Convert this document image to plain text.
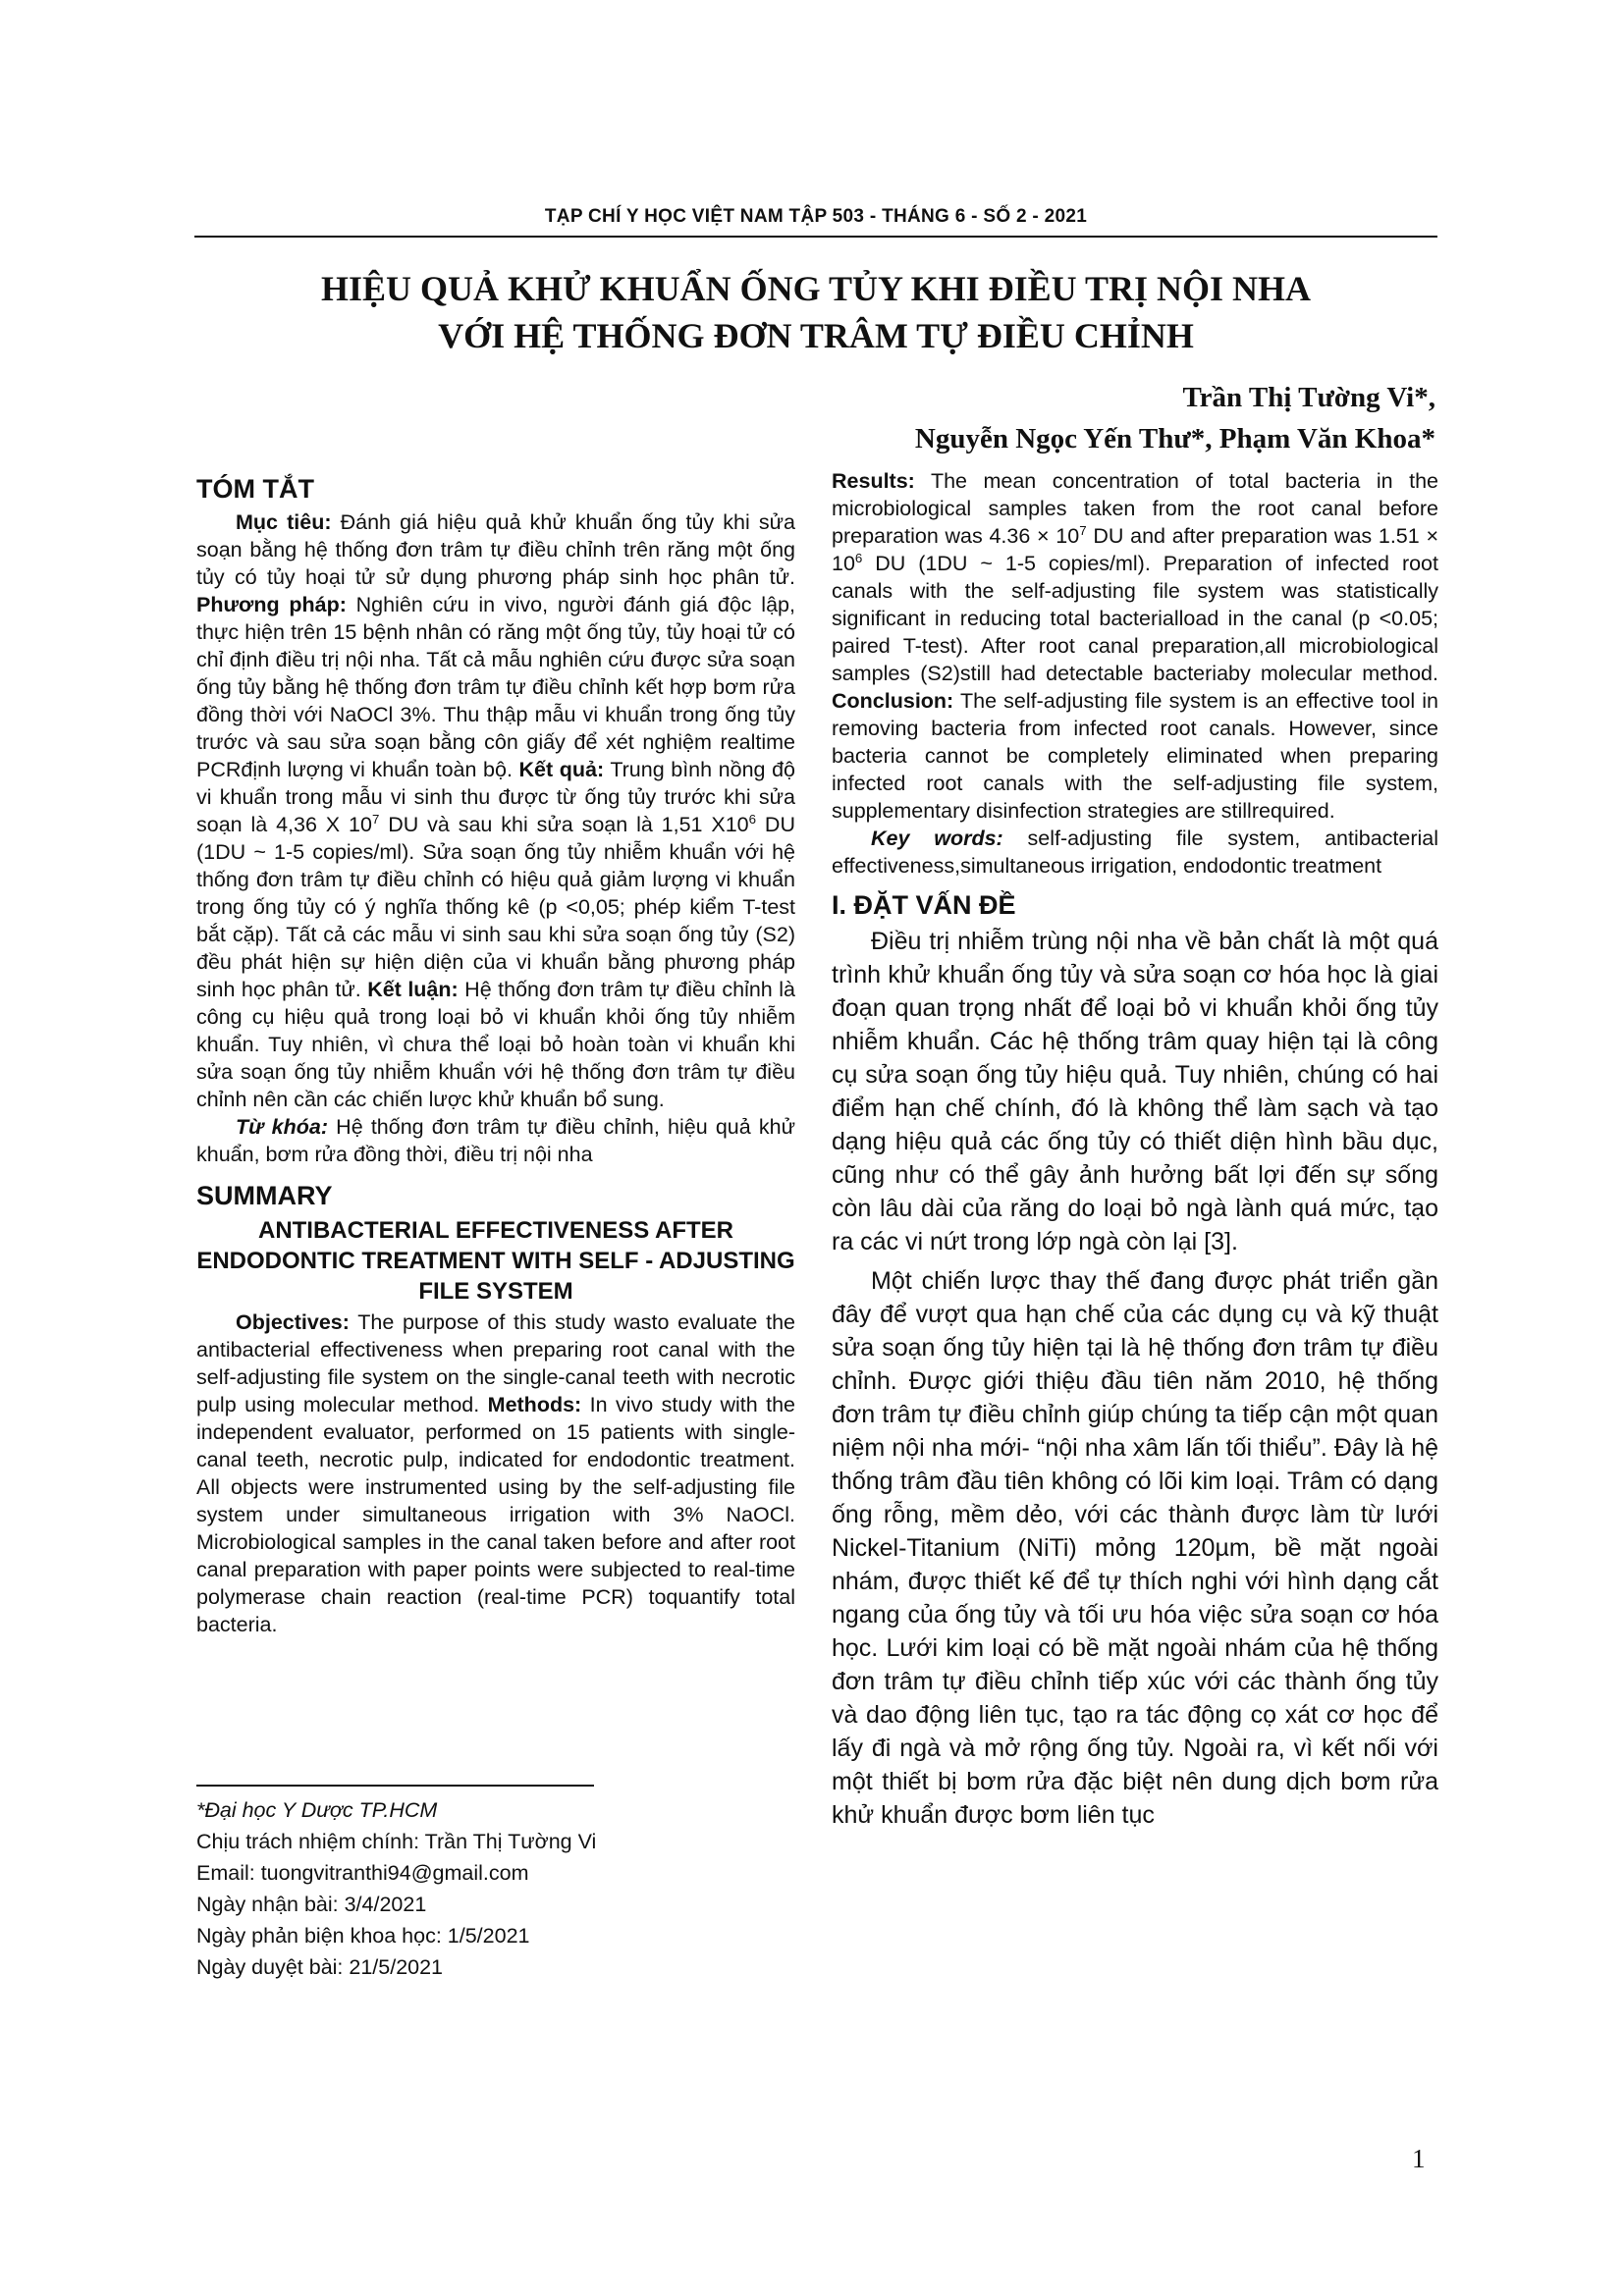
TẠP CHÍ Y HỌC VIỆT NAM TẬP 503 - THÁNG 6 - SỐ 2 - 2021
HIỆU QUẢ KHỬ KHUẨN ỐNG TỦY KHI ĐIỀU TRỊ NỘI NHA
VỚI HỆ THỐNG ĐƠN TRÂM TỰ ĐIỀU CHỈNH
Trần Thị Tường Vi*,
Nguyễn Ngọc Yến Thư*, Phạm Văn Khoa*
TÓM TẮT

Mục tiêu: Đánh giá hiệu quả khử khuẩn ống tủy khi sửa soạn bằng hệ thống đơn trâm tự điều chỉnh trên răng một ống tủy có tủy hoại tử sử dụng phương pháp sinh học phân tử. Phương pháp: Nghiên cứu in vivo, người đánh giá độc lập, thực hiện trên 15 bệnh nhân có răng một ống tủy, tủy hoại tử có chỉ định điều trị nội nha. Tất cả mẫu nghiên cứu được sửa soạn ống tủy bằng hệ thống đơn trâm tự điều chỉnh kết hợp bơm rửa đồng thời với NaOCl 3%. Thu thập mẫu vi khuẩn trong ống tủy trước và sau sửa soạn bằng côn giấy để xét nghiệm realtime PCRđịnh lượng vi khuẩn toàn bộ. Kết quả: Trung bình nồng độ vi khuẩn trong mẫu vi sinh thu được từ ống tủy trước khi sửa soạn là 4,36 X $10^7$ DU và sau khi sửa soạn là 1,51 $X10^6$ DU (1DU ~ 1-5 copies/ml). Sửa soạn ống tủy nhiễm khuẩn với hệ thống đơn trâm tự điều chỉnh có hiệu quả giảm lượng vi khuẩn trong ống tủy có ý nghĩa thống kê (p <0,05; phép kiểm T-test bắt cặp). Tất cả các mẫu vi sinh sau khi sửa soạn ống tủy (S2) đều phát hiện sự hiện diện của vi khuẩn bằng phương pháp sinh học phân tử. Kết luận: Hệ thống đơn trâm tự điều chỉnh là công cụ hiệu quả trong loại bỏ vi khuẩn khỏi ống tủy nhiễm khuẩn. Tuy nhiên, vì chưa thể loại bỏ hoàn toàn vi khuẩn khi sửa soạn ống tủy nhiễm khuẩn với hệ thống đơn trâm tự điều chỉnh nên cần các chiến lược khử khuẩn bổ sung.

Từ khóa: Hệ thống đơn trâm tự điều chỉnh, hiệu quả khử khuẩn, bơm rửa đồng thời, điều trị nội nha

SUMMARY
ANTIBACTERIAL EFFECTIVENESS AFTER ENDODONTIC TREATMENT WITH SELF - ADJUSTING FILE SYSTEM

Objectives: The purpose of this study wasto evaluate the antibacterial effectiveness when preparing root canal with the self-adjusting file system on the single-canal teeth with necrotic pulp using molecular method. Methods: In vivo study with the independent evaluator, performed on 15 patients with single-canal teeth, necrotic pulp, indicated for endodontic treatment. All objects were instrumented using by the self-adjusting file system under simultaneous irrigation with 3% NaOCl. Microbiological samples in the canal taken before and after root canal preparation with paper points were subjected to real-time polymerase chain reaction (real-time PCR) toquantify total bacteria.

*Đại học Y Dược TP.HCM
Chịu trách nhiệm chính: Trần Thị Tường Vi
Email: tuongvitranthi94@gmail.com
Ngày nhận bài: 3/4/2021
Ngày phản biện khoa học: 1/5/2021
Ngày duyệt bài: 21/5/2021

Results: The mean concentration of total bacteria in the microbiological samples taken from the root canal before preparation was $4.36 \times 10^7$ DU and after preparation was $1.51 \times 10^6$ DU (1DU ~ 1-5 copies/ml). Preparation of infected root canals with the self-adjusting file system was statistically significant in reducing total bacterialload in the canal (p <0.05; paired T-test). After root canal preparation,all microbiological samples (S2)still had detectable bacteriaby molecular method. Conclusion: The self-adjusting file system is an effective tool in removing bacteria from infected root canals. However, since bacteria cannot be completely eliminated when preparing infected root canals with the self-adjusting file system, supplementary disinfection strategies are stillrequired.

Key words: self-adjusting file system, antibacterial effectiveness,simultaneous irrigation, endodontic treatment

I. ĐẶT VẤN ĐỀ

Điều trị nhiễm trùng nội nha về bản chất là một quá trình khử khuẩn ống tủy và sửa soạn cơ hóa học là giai đoạn quan trọng nhất để loại bỏ vi khuẩn khỏi ống tủy nhiễm khuẩn. Các hệ thống trâm quay hiện tại là công cụ sửa soạn ống tủy hiệu quả. Tuy nhiên, chúng có hai điểm hạn chế chính, đó là không thể làm sạch và tạo dạng hiệu quả các ống tủy có thiết diện hình bầu dục, cũng như có thể gây ảnh hưởng bất lợi đến sự sống còn lâu dài của răng do loại bỏ ngà lành quá mức, tạo ra các vi nứt trong lớp ngà còn lại [3].

Một chiến lược thay thế đang được phát triển gần đây để vượt qua hạn chế của các dụng cụ và kỹ thuật sửa soạn ống tủy hiện tại là hệ thống đơn trâm tự điều chỉnh. Được giới thiệu đầu tiên năm 2010, hệ thống đơn trâm tự điều chỉnh giúp chúng ta tiếp cận một quan niệm nội nha mới- “nội nha xâm lấn tối thiểu”. Đây là hệ thống trâm đầu tiên không có lõi kim loại. Trâm có dạng ống rỗng, mềm dẻo, với các thành được làm từ lưới Nickel-Titanium (NiTi) mỏng 120µm, bề mặt ngoài nhám, được thiết kế để tự thích nghi với hình dạng cắt ngang của ống tủy và tối ưu hóa việc sửa soạn cơ hóa học. Lưới kim loại có bề mặt ngoài nhám của hệ thống đơn trâm tự điều chỉnh tiếp xúc với các thành ống tủy và dao động liên tục, tạo ra tác động cọ xát cơ học để lấy đi ngà và mở rộng ống tủy. Ngoài ra, vì kết nối với một thiết bị bơm rửa đặc biệt nên dung dịch bơm rửa khử khuẩn được bơm liên tục

1
